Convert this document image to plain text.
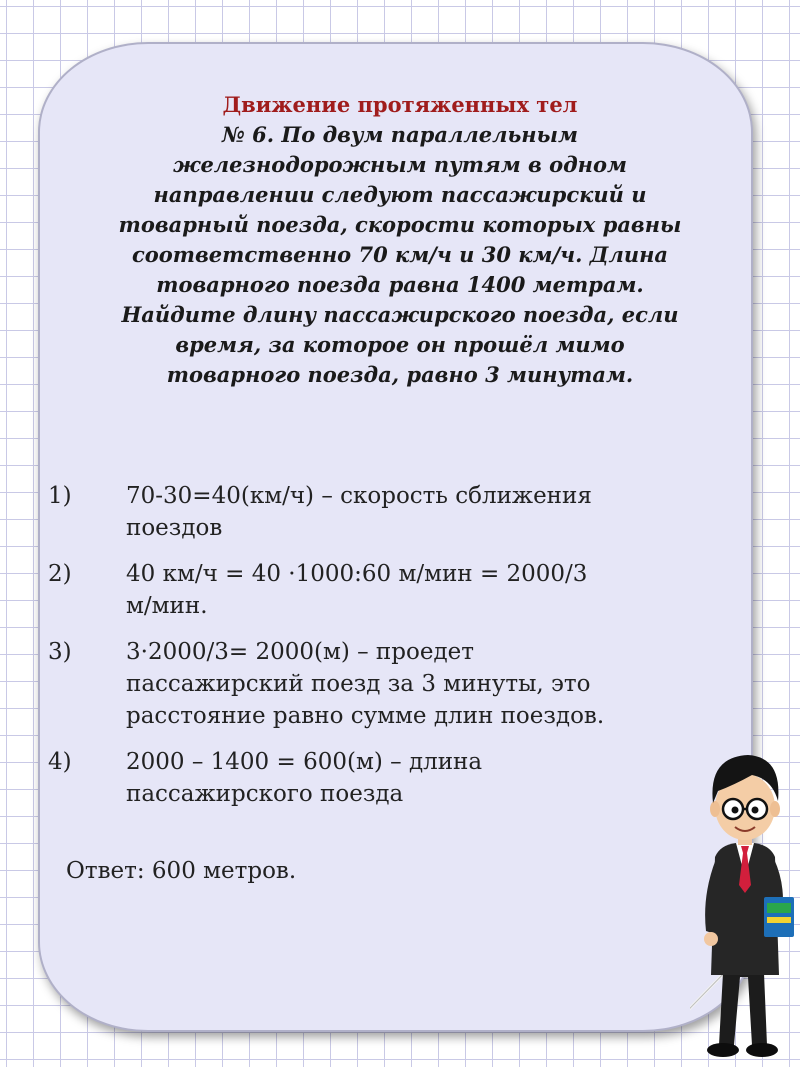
Движение протяженных тел
№ 6. По двум параллельным
железнодорожным путям в одном
направлении следуют пассажирский и
товарный поезда, скорости которых равны
соответственно 70 км/ч и 30 км/ч. Длина
товарного поезда равна 1400 метрам.
Найдите длину пассажирского поезда, если
время, за которое он прошёл мимо
товарного поезда, равно 3 минутам.
1)	70-30=40(км/ч) – скорость сближения
поездов
2)	40 км/ч = 40 ·1000:60 м/мин = 2000/3
м/мин.
3)	3·2000/3= 2000(м) – проедет
пассажирский поезд за 3 минуты, это
расстояние равно сумме длин поездов.
4)	2000 – 1400 = 600(м) – длина
пассажирского поезда
Ответ: 600 метров.
